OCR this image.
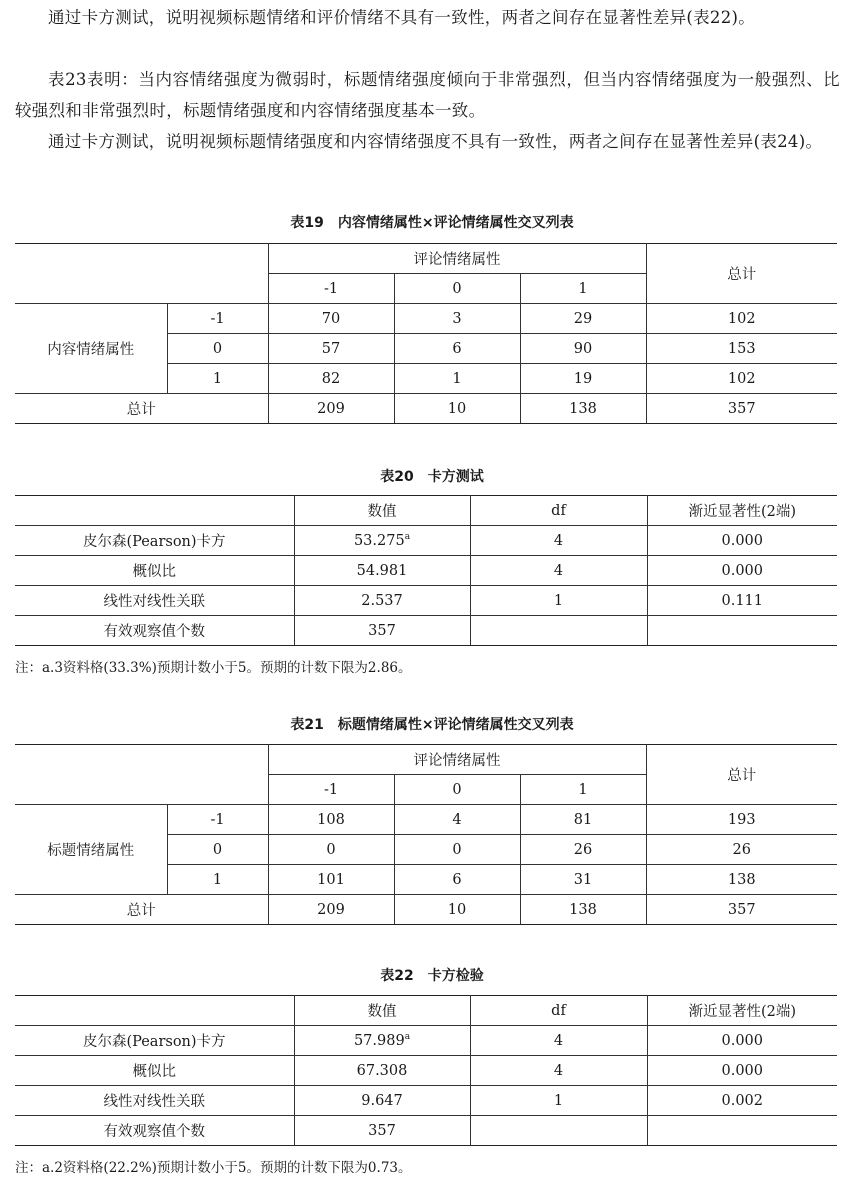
通过卡方测试，说明视频标题情绪和评价情绪不具有一致性，两者之间存在显著性差异(表22)。

表23表明：当内容情绪强度为微弱时，标题情绪强度倾向于非常强烈，但当内容情绪强度为一般强烈、比较强烈和非常强烈时，标题情绪强度和内容情绪强度基本一致。

通过卡方测试，说明视频标题情绪强度和内容情绪强度不具有一致性，两者之间存在显著性差异(表24)。

表19　内容情绪属性×评论情绪属性交叉列表

		评论情绪属性			总计
		-1	0	1	
内容情绪属性	-1	70	3	29	102
	0	57	6	90	153
	1	82	1	19	102
总计		209	10	138	357

表20　卡方测试

	数值	df	渐近显著性(2端)
皮尔森(Pearson)卡方	53.275$^a$	4	0.000
概似比	54.981	4	0.000
线性对线性关联	2.537	1	0.111
有效观察值个数	357		

注：a.3资料格(33.3%)预期计数小于5。预期的计数下限为2.86。

表21　标题情绪属性×评论情绪属性交叉列表

		评论情绪属性			总计
		-1	0	1	
标题情绪属性	-1	108	4	81	193
	0	0	0	26	26
	1	101	6	31	138
总计		209	10	138	357

表22　卡方检验

	数值	df	渐近显著性(2端)
皮尔森(Pearson)卡方	57.989$^a$	4	0.000
概似比	67.308	4	0.000
线性对线性关联	9.647	1	0.002
有效观察值个数	357		

注：a.2资料格(22.2%)预期计数小于5。预期的计数下限为0.73。
